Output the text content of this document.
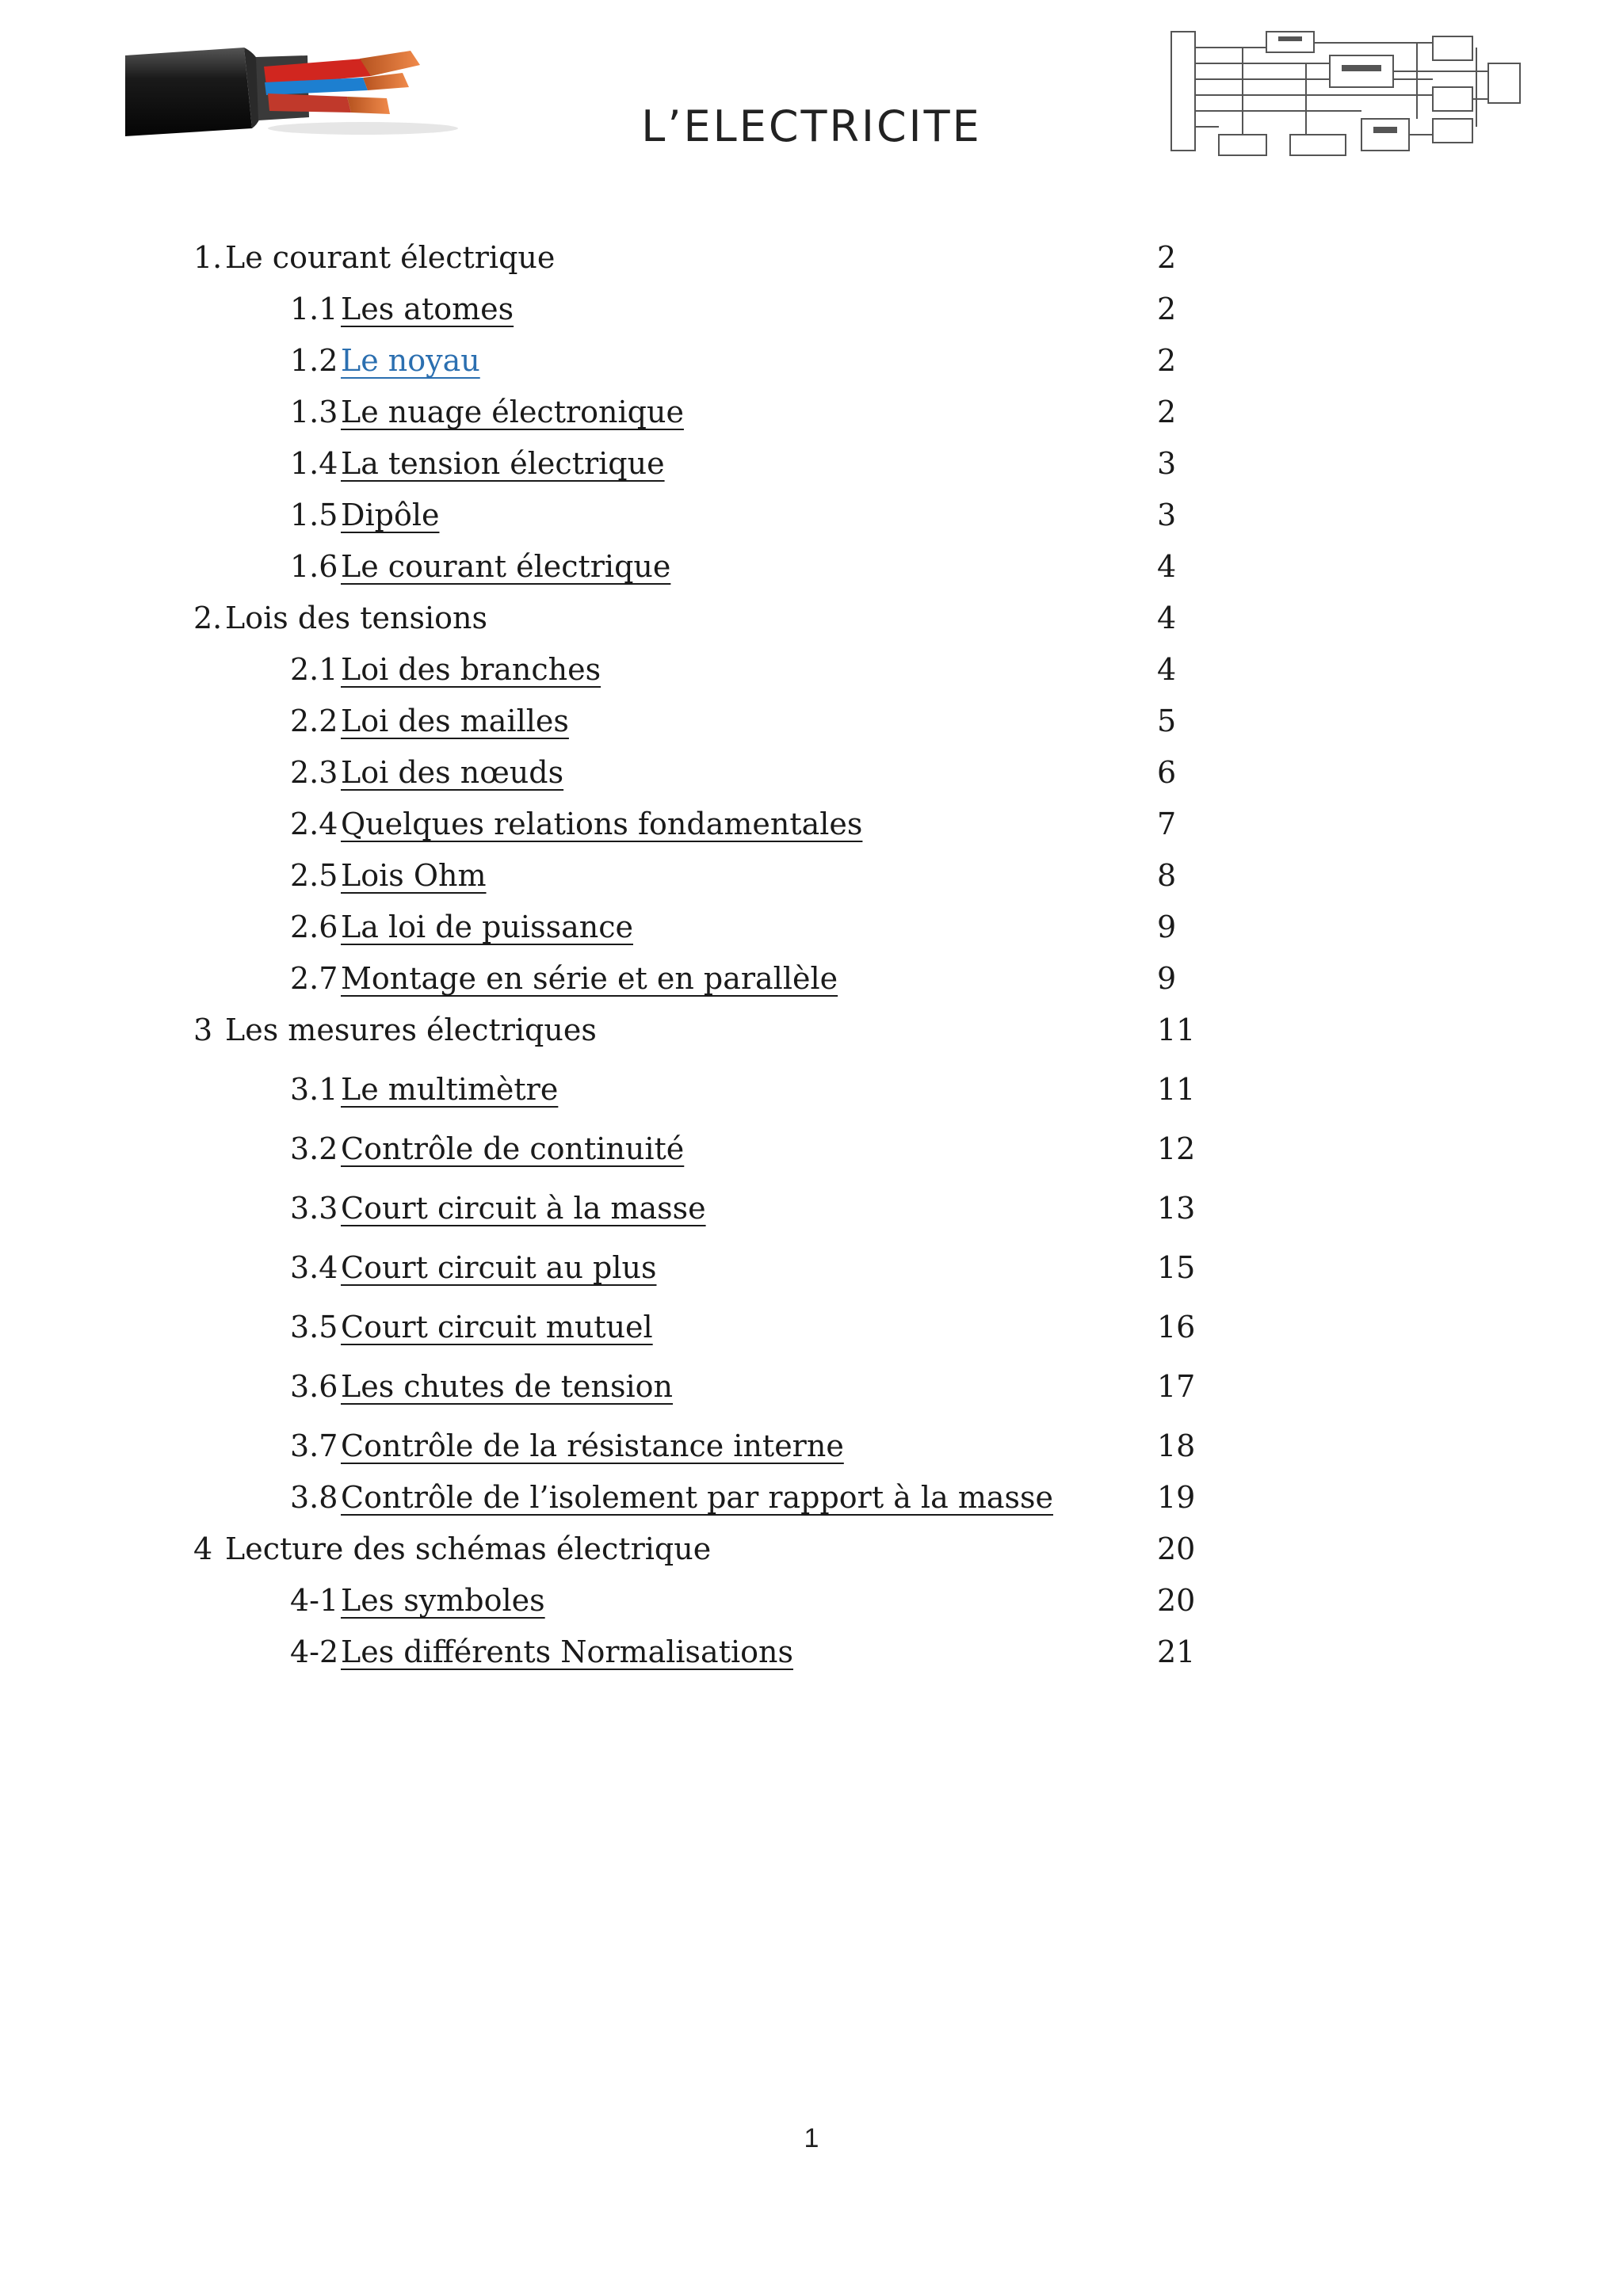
L’ELECTRICITE
1. Le courant électrique	2
1.1 Les atomes	2
1.2 Le noyau	2
1.3 Le nuage électronique	2
1.4 La tension électrique	3
1.5 Dipôle	3
1.6 Le courant électrique	4
2. Lois des tensions	4
2.1 Loi des branches	4
2.2 Loi des mailles	5
2.3 Loi des nœuds	6
2.4 Quelques relations fondamentales	7
2.5 Lois Ohm	8
2.6 La loi de puissance	9
2.7 Montage en série et en parallèle	9
3 Les mesures électriques	11
3.1 Le multimètre	11
3.2 Contrôle de continuité	12
3.3 Court circuit à la masse	13
3.4 Court circuit au plus	15
3.5 Court circuit mutuel	16
3.6 Les chutes de tension	17
3.7 Contrôle de la résistance interne	18
3.8 Contrôle de l’isolement par rapport à la masse	19
4 Lecture des schémas électrique	20
4-1 Les symboles	20
4-2 Les différents Normalisations	21
1
